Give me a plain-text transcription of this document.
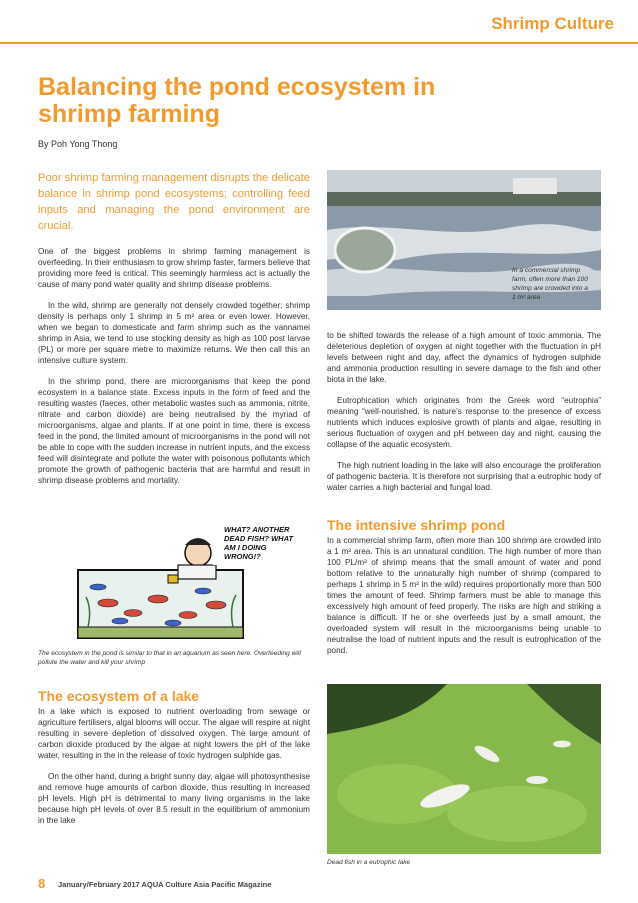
Shrimp Culture
Balancing the pond ecosystem in shrimp farming
By Poh Yong Thong
Poor shrimp farming management disrupts the delicate balance in shrimp pond ecosystems; controlling feed inputs and managing the pond environment are crucial.

One of the biggest problems in shrimp farming management is overfeeding. In their enthusiasm to grow shrimp faster, farmers believe that providing more feed is critical. This seemingly harmless act is actually the cause of many pond water quality and shrimp disease problems.

In the wild, shrimp are generally not densely crowded together; shrimp density is perhaps only 1 shrimp in 5 m² area or even lower. However, when we began to domesticate and farm shrimp such as the vannamei shrimp in Asia, we tend to use stocking density as high as 100 post larvae (PL) or more per square metre to maximize returns. We then call this an intensive culture system.

In the shrimp pond, there are microorganisms that keep the pond ecosystem in a balance state. Excess inputs in the form of feed and the resulting wastes (faeces, other metabolic wastes such as ammonia, nitrite, nitrate and carbon dioxide) are being neutralised by the myriad of microorganisms, algae and plants. If at one point in time, there is excess feed in the pond, the limited amount of microorganisms in the pond will not be able to cope with the sudden increase in nutrient inputs, and the excess feed will disintegrate and pollute the water with poisonous pollutants which promote the growth of pathogenic bacteria that are harmful and result in shrimp disease problems and mortality.

WHAT? ANOTHER DEAD FISH? WHAT AM I DOING WRONG!?
The ecosystem in the pond is similar to that in an aquarium as seen here. Overfeeding will pollute the water and kill your shrimp
The ecosystem of a lake

In a lake which is exposed to nutrient overloading from sewage or agriculture fertilisers, algal blooms will occur. The algae will respire at night resulting in severe depletion of dissolved oxygen. The large amount of carbon dioxide produced by the algae at night lowers the pH of the lake water, resulting in the in the release of toxic hydrogen sulphide gas.

On the other hand, during a bright sunny day, algae will photosynthesise and remove huge amounts of carbon dioxide, thus resulting in increased pH levels. High pH is detrimental to many living organisms in the lake because high pH levels of over 8.5 result in the equilibrium of ammonium in the lake

In a commercial shrimp farm, often more than 100 shrimp are crowded into a 1 m² area

to be shifted towards the release of a high amount of toxic ammonia. The deleterious depletion of oxygen at night together with the fluctuation in pH levels between night and day, affect the dynamics of hydrogen sulphide and ammonia production resulting in severe damage to the fish and other biota in the lake.

Eutrophication which originates from the Greek word “eutrophia” meaning “well-nourished, is nature’s response to the presence of excess nutrients which induces explosive growth of plants and algae, resulting in serious fluctuation of oxygen and pH between day and night, causing the collapse of the aquatic ecosystem.

The high nutrient loading in the lake will also encourage the proliferation of pathogenic bacteria. It is therefore not surprising that a eutrophic body of water carries a high bacterial and fungal load.

The intensive shrimp pond

In a commercial shrimp farm, often more than 100 shrimp are crowded into a 1 m² area. This is an unnatural condition. The high number of more than 100 PL/m² of shrimp means that the small amount of water and pond bottom relative to the unnaturally high number of shrimp (compared to perhaps 1 shrimp in 5 m² in the wild) requires proportionally more than 500 times the amount of feed. Shrimp farmers must be able to manage this excessively high amount of feed properly. The risks are high and striking a balance is difficult. If he or she overfeeds just by a small amount, the overloaded system will result in the microorganisms being unable to neutralise the load of nutrient inputs and the result is eutrophication of the pond.

Dead fish in a eutrophic lake
8 January/February 2017 AQUA Culture Asia Pacific Magazine
